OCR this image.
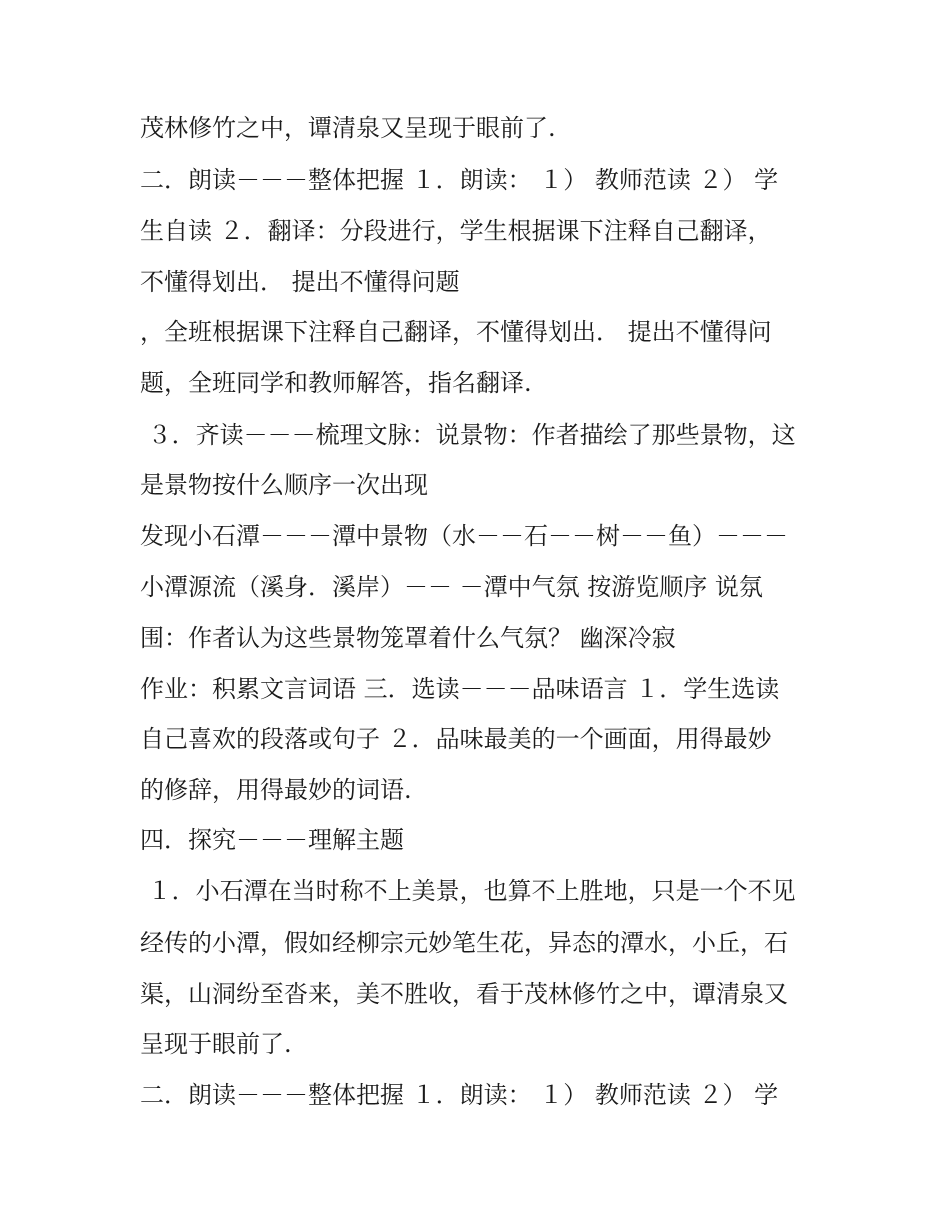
茂林修竹之中，谭清泉又呈现于眼前了.
二．朗读－－－整体把握 １．朗读： １） 教师范读 ２） 学
生自读 ２．翻译：分段进行，学生根据课下注释自己翻译，
不懂得划出． 提出不懂得问题
，全班根据课下注释自己翻译，不懂得划出． 提出不懂得问
题，全班同学和教师解答，指名翻译.
３．齐读－－－梳理文脉：说景物：作者描绘了那些景物，这
是景物按什么顺序一次出现
发现小石潭－－－潭中景物（水－－石－－树－－鱼）－－－
小潭源流（溪身．溪岸）－－ －潭中气氛 按游览顺序 说氛
围：作者认为这些景物笼罩着什么气氛？ 幽深冷寂
作业：积累文言词语 三．选读－－－品味语言 １．学生选读
自己喜欢的段落或句子 ２．品味最美的一个画面，用得最妙
的修辞，用得最妙的词语.
四．探究－－－理解主题
１．小石潭在当时称不上美景，也算不上胜地，只是一个不见
经传的小潭，假如经柳宗元妙笔生花，异态的潭水，小丘，石
渠，山洞纷至沓来，美不胜收，看于茂林修竹之中，谭清泉又
呈现于眼前了.
二．朗读－－－整体把握 １．朗读： １） 教师范读 ２） 学
